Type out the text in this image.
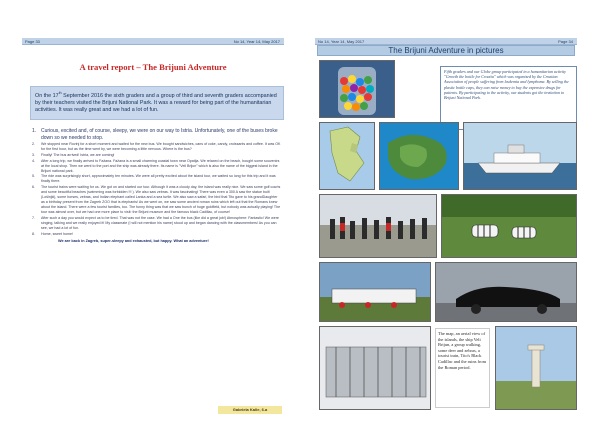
Page 33	No 14, Year 14, May 2017
A travel report – The Brijuni Adventure
On the 17th September 2016 the sixth graders and a group of third and seventh graders accompanied by their teachers visited the Brijuni National Park. It was a reward for being part of the humanitarian activities. It was really great and we had a lot of fun.
1. Curious, excited and, of course, sleepy, we were on our way to Istria. Unfortunately, one of the buses broke down so we needed to stop.
2. We stopped near Rovinj for a short moment and waited for the new bus. We bought sandwiches, cans of coke, candy, croissants and coffee. It was OK for the first hour, but as the time went by, we were becoming a little nervous. Where is the bus?
3. Finally! The bus arrived! Istria, we are coming!
4. After a long trip, we finally arrived to Fažana. Fažana is a small charming coastal town near Opatija. We relaxed on the beach, bought some souvenirs at the local shop. Then we went to the port and the ship was already there. Its name is "Veli Brijun" which is also the name of the biggest island in the Brijuni national park.
5. The ride was surprisingly short, approximately ten minutes. We were all pretty excited about the island tour, we waited so long for this trip and it was finally there.
6. The tourist trains were waiting for us. We got on and started our tour. Although it was a cloudy day, the island was really nice. We saw some golf courts and some beautiful beaches (swimming was forbidden !!! ). We also saw zebras. It was fascinating! There was even a 300 A saw the statue built (Lošinjki), some horses, zebras, and Indian elephant called Lanka and a sea turtle. We also saw a safari, the bird that Tito gave to his grandDaughter as a birthday present from the Zagreb ZOO that is elephants! As we went on, we saw some ancient roman ruins which left out that the Romans knew about the island. There were a few tourist families, too. The funny thing was that we saw bunch of huge goldfield, but nobody was actually playing! The tour was almost over, but we had one more place to visit: the Brijuni museum and the famous black Cadillac, of course!
7. After such a day you would expect us to be tired. That was not the case. We had a One the bus (like did a great job!) Atmosphere: Fantastic! We were singing, talking and we really enjoyed it! My classmate (I will not mention his name) stood up and began dancing with the classmembers! As you can see, we had a lot of fun.
8. Home, sweet home!
We are back in Zagreb, super-sleepy and exhausted, but happy. What an adventure!
Gabriela Kalle, 6.a
No 14, Year 14, May 2017	Page 34
The Brijuni Adventure in pictures
Fifth graders and our Globe group participated in a humanitarian activity "Growth the bottle for Croatia" which was organized by the Croatian Association of people suffering from leukemia and lymphoma. By selling the plastic bottle caps, they can raise money to buy the expensive drugs for patients. By participating to the activity, our students got the invitation to Brijuni National Park.
The map, an aerial view of the islands, the ship Veli Brijun, a group walking, some deer and zebras, a tourist train, Tito's Black Cadillac and the ruins from the Roman period.
